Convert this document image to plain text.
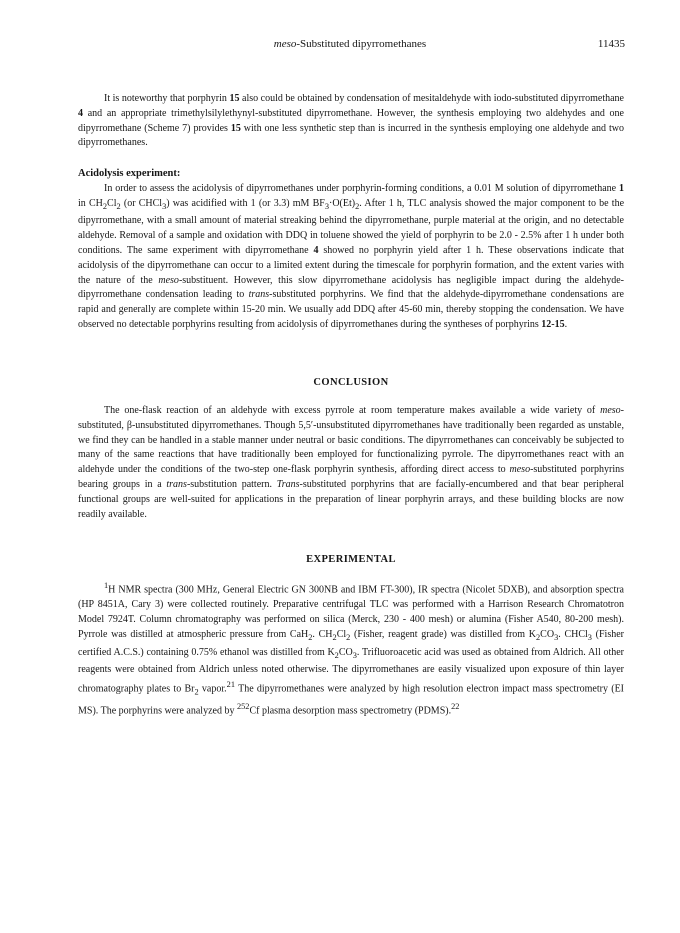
meso-Substituted dipyrromethanes	11435

It is noteworthy that porphyrin 15 also could be obtained by condensation of mesitaldehyde with iodo-substituted dipyrromethane 4 and an appropriate trimethylsilylethynyl-substituted dipyrromethane. However, the synthesis employing two aldehydes and one dipyrromethane (Scheme 7) provides 15 with one less synthetic step than is incurred in the synthesis employing one aldehyde and two dipyrromethanes.

Acidolysis experiment:

In order to assess the acidolysis of dipyrromethanes under porphyrin-forming conditions, a 0.01 M solution of dipyrromethane 1 in $CH_2Cl_2$ (or CHCl$_3$) was acidified with 1 (or 3.3) mM $BF_3\cdot O(Et)_2$. After 1 h, TLC analysis showed the major component to be the dipyrromethane, with a small amount of material streaking behind the dipyrromethane, purple material at the origin, and no detectable aldehyde. Removal of a sample and oxidation with DDQ in toluene showed the yield of porphyrin to be 2.0 - 2.5% after 1 h under both conditions. The same experiment with dipyrromethane 4 showed no porphyrin yield after 1 h. These observations indicate that acidolysis of the dipyrromethane can occur to a limited extent during the timescale for porphyrin formation, and the extent varies with the nature of the meso-substituent. However, this slow dipyrromethane acidolysis has negligible impact during the aldehyde-dipyrromethane condensation leading to trans-substituted porphyrins. We find that the aldehyde-dipyrromethane condensations are rapid and generally are complete within 15-20 min. We usually add DDQ after 45-60 min, thereby stopping the condensation. We have observed no detectable porphyrins resulting from acidolysis of dipyrromethanes during the syntheses of porphyrins 12-15.

CONCLUSION

The one-flask reaction of an aldehyde with excess pyrrole at room temperature makes available a wide variety of meso-substituted, β-unsubstituted dipyrromethanes. Though 5,5′-unsubstituted dipyrromethanes have traditionally been regarded as unstable, we find they can be handled in a stable manner under neutral or basic conditions. The dipyrromethanes can conceivably be subjected to many of the same reactions that have traditionally been employed for functionalizing pyrrole. The dipyrromethanes react with an aldehyde under the conditions of the two-step one-flask porphyrin synthesis, affording direct access to meso-substituted porphyrins bearing groups in a trans-substitution pattern. Trans-substituted porphyrins that are facially-encumbered and that bear peripheral functional groups are well-suited for applications in the preparation of linear porphyrin arrays, and these building blocks are now readily available.

EXPERIMENTAL

$^1$H NMR spectra (300 MHz, General Electric GN 300NB and IBM FT-300), IR spectra (Nicolet 5DXB), and absorption spectra (HP 8451A, Cary 3) were collected routinely. Preparative centrifugal TLC was performed with a Harrison Research Chromatotron Model 7924T. Column chromatography was performed on silica (Merck, 230 - 400 mesh) or alumina (Fisher A540, 80-200 mesh). Pyrrole was distilled at atmospheric pressure from CaH$_2$. $CH_2Cl_2$ (Fisher, reagent grade) was distilled from $K_2CO_3$. CHCl$_3$ (Fisher certified A.C.S.) containing 0.75% ethanol was distilled from $K_2CO_3$. Trifluoroacetic acid was used as obtained from Aldrich. All other reagents were obtained from Aldrich unless noted otherwise. The dipyrromethanes are easily visualized upon exposure of thin layer chromatography plates to $Br_2$ vapor.$^{21}$ The dipyrromethanes were analyzed by high resolution electron impact mass spectrometry (EI MS). The porphyrins were analyzed by $^{252}$Cf plasma desorption mass spectrometry (PDMS).$^{22}$
